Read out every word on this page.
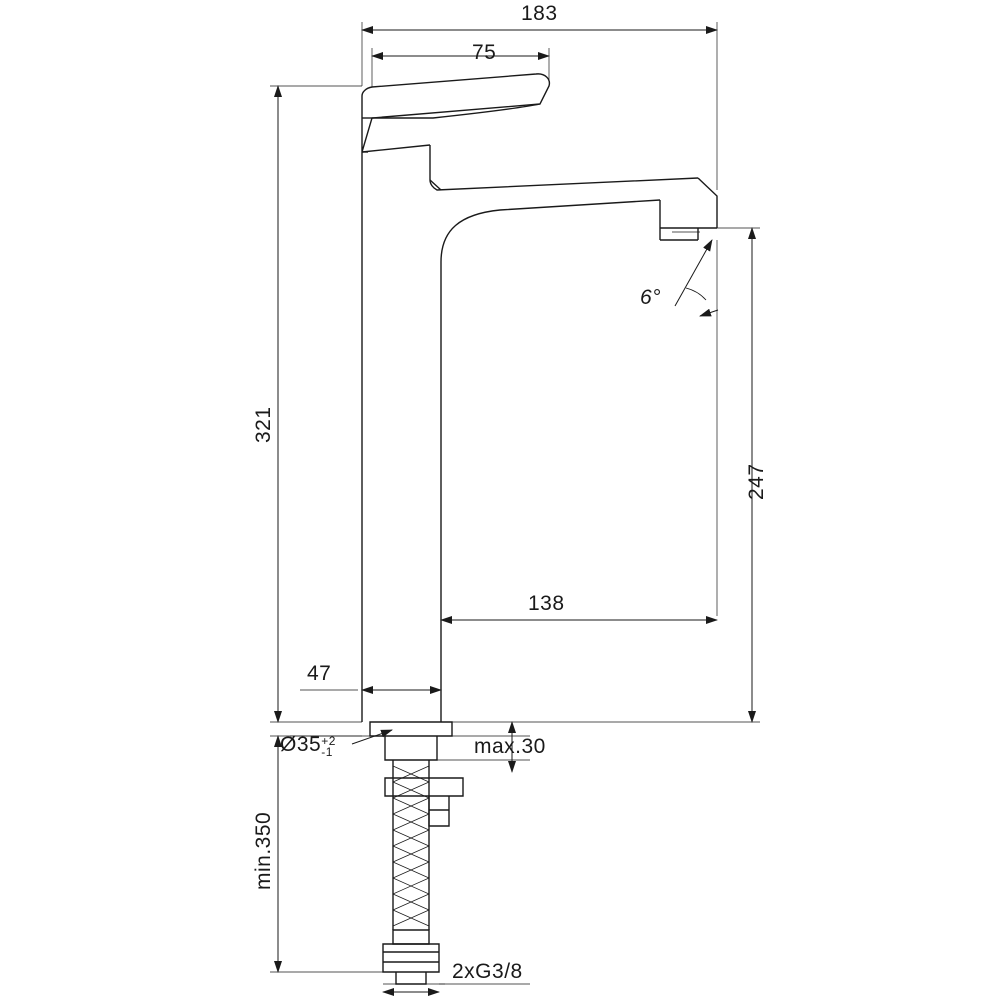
183
75
321
247
138
47
Ø35 +2
-1	max.30
min.350
2xG3/8
6°
